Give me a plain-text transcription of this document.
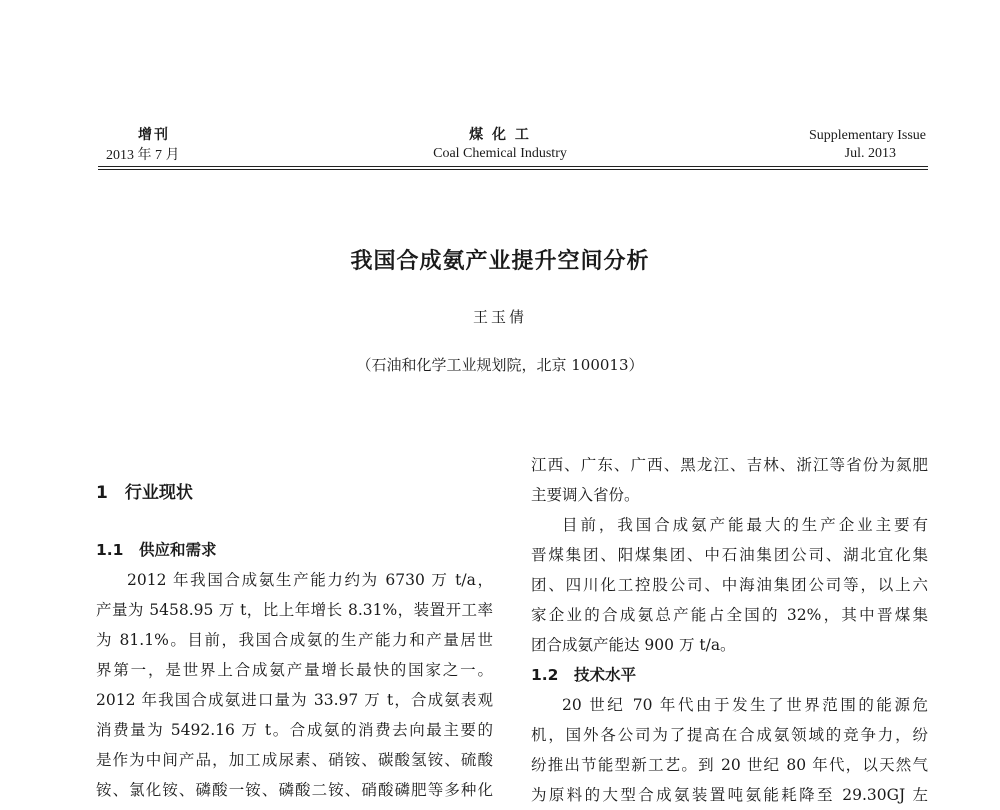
增刊
2013 年 7 月
煤 化 工
Coal Chemical Industry
Supplementary Issue
Jul. 2013
我国合成氨产业提升空间分析
王玉倩
（石油和化学工业规划院，北京 100013）
1　行业现状
1.1　供应和需求
2012 年我国合成氨生产能力约为 6730 万 t/a，
产量为 5458.95 万 t，比上年增长 8.31%，装置开工率
为 81.1%。目前，我国合成氨的生产能力和产量居世
界第一，是世界上合成氨产量增长最快的国家之一。
2012 年我国合成氨进口量为 33.97 万 t，合成氨表观
消费量为 5492.16 万 t。合成氨的消费去向最主要的
是作为中间产品，加工成尿素、硝铵、碳酸氢铵、硫酸
铵、氯化铵、磷酸一铵、磷酸二铵、硝酸磷肥等多种化
江西、广东、广西、黑龙江、吉林、浙江等省份为氮肥
主要调入省份。
目前，我国合成氨产能最大的生产企业主要有
晋煤集团、阳煤集团、中石油集团公司、湖北宜化集
团、四川化工控股公司、中海油集团公司等，以上六
家企业的合成氨总产能占全国的 32%，其中晋煤集
团合成氨产能达 900 万 t/a。
1.2　技术水平
20 世纪 70 年代由于发生了世界范围的能源危
机，国外各公司为了提高在合成氨领域的竞争力，纷
纷推出节能型新工艺。到 20 世纪 80 年代，以天然气
为原料的大型合成氨装置吨氨能耗降至 29.30GJ 左
